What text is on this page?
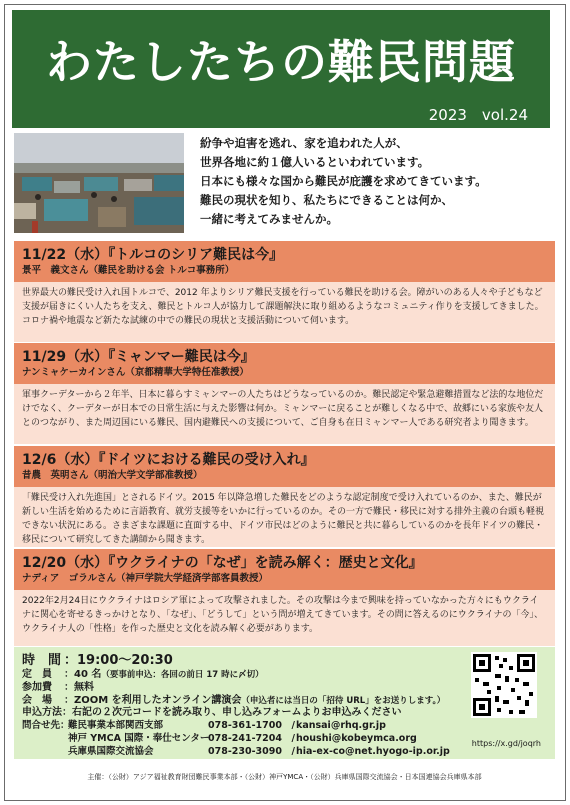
わたしたちの難民問題
2023　vol.24
紛争や迫害を逃れ、家を追われた人が、
世界各地に約１億人いるといわれています。
日本にも様々な国から難民が庇護を求めてきています。
難民の現状を知り、私たちにできることは何か、
一緒に考えてみませんか。
11/22（水）『トルコのシリア難民は今』
景平　義文さん（難民を助ける会 トルコ事務所）
世界最大の難民受け入れ国トルコで、2012 年よりシリア難民支援を行っている難民を助ける会。障がいのある人々や子どもなど支援が届きにくい人たちを支え、難民とトルコ人が協力して課題解決に取り組めるようなコミュニティ作りを支援してきました。コロナ禍や地震など新たな試練の中での難民の現状と支援活動について伺います。
11/29（水）『ミャンマー難民は今』
ナンミャケーカインさん（京都精華大学特任准教授）
軍事クーデターから２年半、日本に暮らすミャンマーの人たちはどうなっているのか。難民認定や緊急避難措置など法的な地位だけでなく、クーデターが日本での日常生活に与えた影響は何か。ミャンマーに戻ることが難しくなる中で、故郷にいる家族や友人とのつながり、また周辺国にいる難民、国内避難民への支援について、ご自身も在日ミャンマー人である研究者より聞きます。
12/6（水）『ドイツにおける難民の受け入れ』
昔農　英明さん（明治大学文学部准教授）
「難民受け入れ先進国」とされるドイツ。2015 年以降急増した難民をどのような認定制度で受け入れているのか、また、難民が新しい生活を始めるために言語教育、就労支援等をいかに行っているのか。その一方で難民・移民に対する排外主義の台頭も軽視できない状況にある。さまざまな課題に直面する中、ドイツ市民はどのように難民と共に暮らしているのかを長年ドイツの難民・移民について研究してきた講師から聞きます。
12/20（水）『ウクライナの「なぜ」を読み解く：歴史と文化』
ナディア　ゴラルさん（神戸学院大学経済学部客員教授）
2022年2月24日にウクライナはロシア軍によって攻撃されました。その攻撃は今まで興味を持っていなかった方々にもウクライナに関心を寄せるきっかけとなり、「なぜ」、「どうして」という問が増えてきています。その問に答えるのにウクライナの「今」、ウクライナ人の「性格」を作った歴史と文化を読み解く必要があります。
時　間 ：19:00～20:30
定　員 ：40 名（要事前申込：各回の前日 17 時に〆切）
参加費 ：無料
会　場 ：ZOOM を利用したオンライン講演会（申込者には当日の「招待 URL」をお送りします。）
申込方法：右記の２次元コードを読み取り、申し込みフォームよりお申込みください
問合せ先：難民事業本部関西支部	078-361-1700　/kansai@rhq.gr.jp
神戸 YMCA 国際・奉仕センター078-241-7204　/houshi@kobeymca.org
兵庫県国際交流協会	078-230-3090　/hia-ex-co@net.hyogo-ip.or.jp
https://x.gd/joqrh
主催：（公財）アジア福祉教育財団難民事業本部・（公財）神戸YMCA・（公財）兵庫県国際交流協会・日本国連協会兵庫県本部
